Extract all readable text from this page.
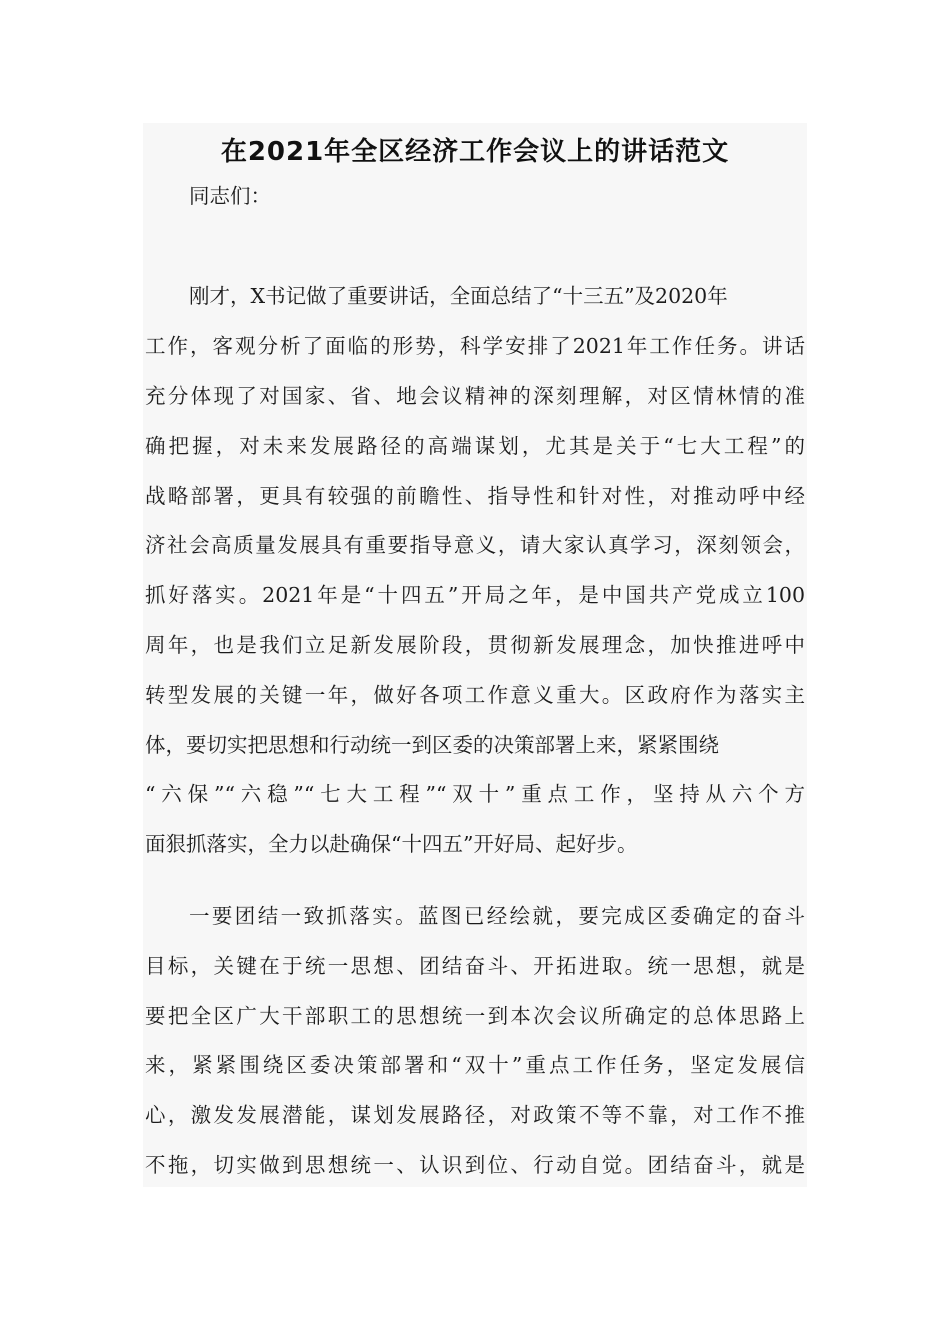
在2021年全区经济工作会议上的讲话范文
同志们：
刚才，X书记做了重要讲话，全面总结了“十三五”及2020年
工作，客观分析了面临的形势，科学安排了2021年工作任务。讲话
充分体现了对国家、省、地会议精神的深刻理解，对区情林情的准
确把握，对未来发展路径的高端谋划，尤其是关于“七大工程”的
战略部署，更具有较强的前瞻性、指导性和针对性，对推动呼中经
济社会高质量发展具有重要指导意义，请大家认真学习，深刻领会，
抓好落实。2021年是“十四五”开局之年，是中国共产党成立100
周年，也是我们立足新发展阶段，贯彻新发展理念，加快推进呼中
转型发展的关键一年，做好各项工作意义重大。区政府作为落实主
体，要切实把思想和行动统一到区委的决策部署上来，紧紧围绕
“六保”“六稳”“七大工程”“双十”重点工作，坚持从六个方
面狠抓落实，全力以赴确保“十四五”开好局、起好步。
一要团结一致抓落实。蓝图已经绘就，要完成区委确定的奋斗
目标，关键在于统一思想、团结奋斗、开拓进取。统一思想，就是
要把全区广大干部职工的思想统一到本次会议所确定的总体思路上
来，紧紧围绕区委决策部署和“双十”重点工作任务，坚定发展信
心，激发发展潜能，谋划发展路径，对政策不等不靠，对工作不推
不拖，切实做到思想统一、认识到位、行动自觉。团结奋斗，就是
